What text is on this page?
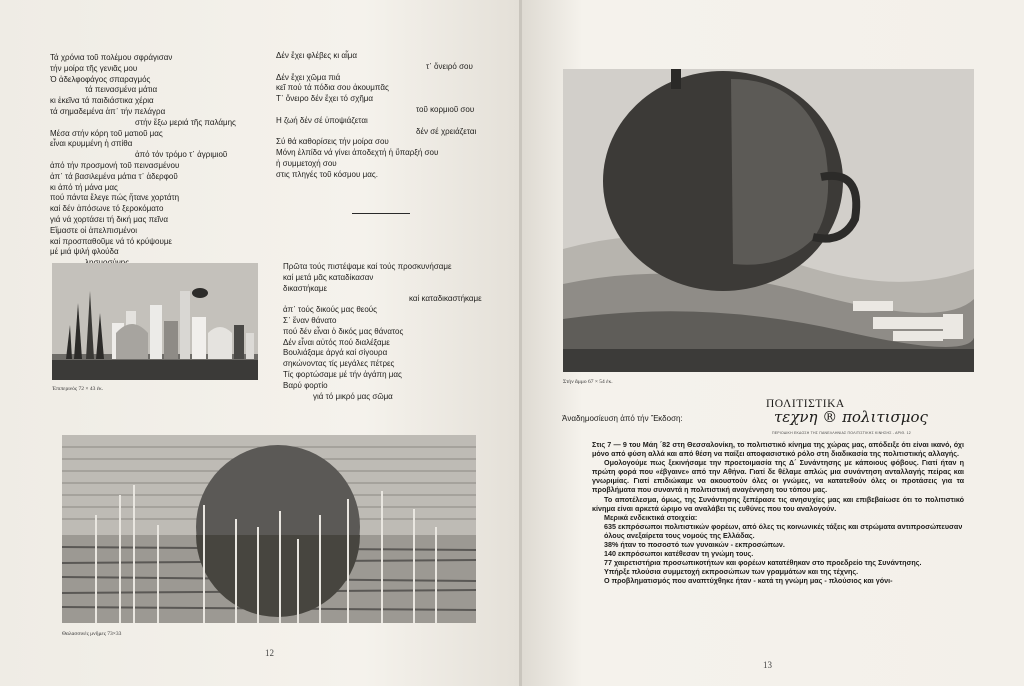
Τά χρόνια τοῦ πολέμου σφράγισαν
τήν μοίρα τῆς γενιᾶς μου
Ὁ ἀδελφοφάγος σπαραγμός
τά πεινασμένα μάτια
κι ἐκεῖνα τά παιδιάστικα χέρια
τά σημαδεμένα ἀπ᾿ τήν πελάγρα
στήν ἔξω μεριά τῆς παλάμης
Μέσα στήν κόρη τοῦ ματιοῦ μας
εἶναι κρυμμένη ἡ σπίθα
ἀπό τόν τρόμο τ᾿ ἀγριμιοῦ
ἀπό τήν προσμονή τοῦ πεινασμένου
ἀπ᾿ τά βασιλεμένα μάτια τ᾿ ἀδερφοῦ
κι ἀπό τή μάνα μας
πού πάντα ἔλεγε πώς ἤτανε χορτάτη
καί δέν ἀπόσωνε τό ξεροκόματο
γιά νά χορτάσει τή δική μας πεῖνα
Εἴμαστε οἱ ἀπελπισμένοι
καί προσπαθοῦμε νά τό κρύψουμε
μέ μιά ψιλή φλούδα
Δέν ἔχει φλέβες κι αἷμα
τ᾿ ὄνειρό σου
Δέν ἔχει χῶμα πιά
κεῖ πού τά πόδια σου ἀκουμπᾶς
Τ᾿ ὄνειρο δέν ἔχει τό σχῆμα
τοῦ κορμιοῦ σου
Η ζωή δέν σέ ὑποψιάζεται
δέν σέ χρειάζεται
Σύ θά καθορίσεις τήν μοίρα σου
Μόνη ἐλπίδα νά γίνει ἀποδεχτή ἡ ὕπαρξή σου
ἡ συμμετοχή σου
στις πληγές τοῦ κόσμου μας.
Πρῶτα τούς πιστέψαμε καί τούς προσκυνήσαμε
καί μετά μᾶς καταδίκασαν
δικαστήκαμε
καί καταδικαστήκαμε
ἀπ᾿ τούς δικούς μας θεούς
Σ᾿ ἕναν θάνατο
πού δέν εἶναι ὁ δικός μας θάνατος
Δέν εἶναι αὐτός πού διαλέξαμε
Βουλιάξαμε ἀργά καί σίγουρα
σηκώνοντας τίς μεγάλες πέτρες
Τίς φορτώσαμε μέ τήν ἀγάπη μας
Βαρύ φορτίο
γιά τό μικρό μας σῶμα
Ἐπιπερινός 72 × 43 ἐκ.
Θαλασσινές μνῆμες 73×33
12
Στήν ἄμμο 67 × 54 ἐκ.
ΠΟΛΙΤΙΣΤΙΚΑ
Ἀναδημοσίευση ἀπό τήν Ἔκδοση:	τεχνη ® πολιτισμος
ΠΕΡΙΟΔΙΚΗ ΕΚΔΟΣΗ ΤΗΣ ΠΑΝΕΛΛΗΝΙΑΣ ΠΟΛΙΤΙΣΤΙΚΗΣ ΚΙΝΗΣΗΣ - ΑΡΙΘ. 12

Στις 7 — 9 του Μάη ´82 στη Θεσσαλονίκη, το πολιτιστικό κίνημα της χώρας μας, απόδειξε ότι είναι ικανό, όχι μόνο από φύση αλλά και από θέση να παίξει αποφασιστικό ρόλο στη διαδικασία της πολιτιστικής αλλαγής.

Ομολογούμε πως ξεκινήσαμε την προετοιμασία της Δ´ Συνάντησης με κάποιους φόβους. Γιατί ήταν η πρώτη φορά που «έβγαινε» από την Αθήνα. Γιατί δε θέλαμε απλώς μια συνάντηση ανταλλαγής πείρας και γνωριμίας. Γιατί επιδιώκαμε να ακουστούν όλες οι γνώμες, να κατατεθούν όλες οι προτάσεις για τα προβλήματα που συναντά η πολιτιστική αναγέννηση του τόπου μας.

Το αποτέλεσμα, όμως, της Συνάντησης ξεπέρασε τις ανησυχίες μας και επιβεβαίωσε ότι το πολιτιστικό κίνημα είναι αρκετά ώριμο να αναλάβει τις ευθύνες που του αναλογούν.

Μερικά ενδεικτικά στοιχεία:

635 εκπρόσωποι πολιτιστικών φορέων, από όλες τις κοινωνικές τάξεις και στρώματα αντιπροσώπευσαν όλους ανεξαίρετα τους νομούς της Ελλάδας.

38% ήταν το ποσοστό των γυναικών - εκπροσώπων.

140 εκπρόσωποι κατέθεσαν τη γνώμη τους.

77 χαιρετιστήρια προσωπικοτήτων και φορέων κατατέθηκαν στο προεδρείο της Συνάντησης.

Υπήρξε πλούσια συμμετοχή εκπροσώπων των γραμμάτων και της τέχνης.

Ο προβληματισμός που αναπτύχθηκε ήταν - κατά τη γνώμη μας - πλούσιος και γόνι-

13
